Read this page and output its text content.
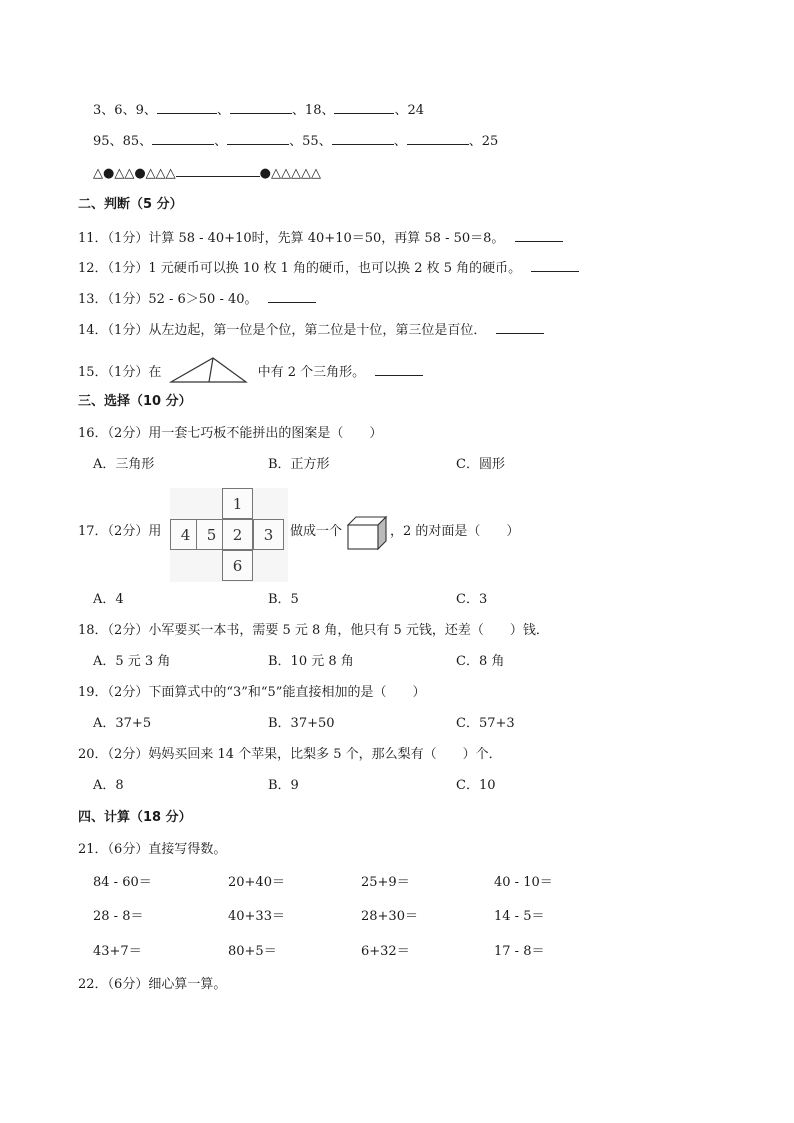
3、6、9、	、	、18、	、24
95、85、	、	、55、	、	、25
△●△△●△△△	●△△△△△
二、判断（5 分）
11．（1分）计算 58 - 40+10时，先算 40+10＝50，再算 58 - 50＝8。
12．（1分）1 元硬币可以换 10 枚 1 角的硬币，也可以换 2 枚 5 角的硬币。
13．（1分）52 - 6＞50 - 40。
14．（1分）从左边起，第一位是个位，第二位是十位，第三位是百位．
15．（1分）在	中有 2 个三角形。
三、选择（10 分）
16．（2分）用一套七巧板不能拼出的图案是（　　）
A．三角形	B．正方形	C．圆形
17．（2分）用
1
4	5	2	3
6
做成一个	，2 的对面是（　　）
A．4	B．5	C．3
18．（2分）小军要买一本书，需要 5 元 8 角，他只有 5 元钱，还差（　　）钱．
A．5 元 3 角	B．10 元 8 角	C．8 角
19．（2分）下面算式中的“3”和“5”能直接相加的是（　　）
A．37+5	B．37+50	C．57+3
20．（2分）妈妈买回来 14 个苹果，比梨多 5 个，那么梨有（　　）个．
A．8	B．9	C．10
四、计算（18 分）
21．（6分）直接写得数。
84 - 60＝	20+40＝	25+9＝	40 - 10＝
28 - 8＝	40+33＝	28+30＝	14 - 5＝
43+7＝	80+5＝	6+32＝	17 - 8＝
22．（6分）细心算一算。
